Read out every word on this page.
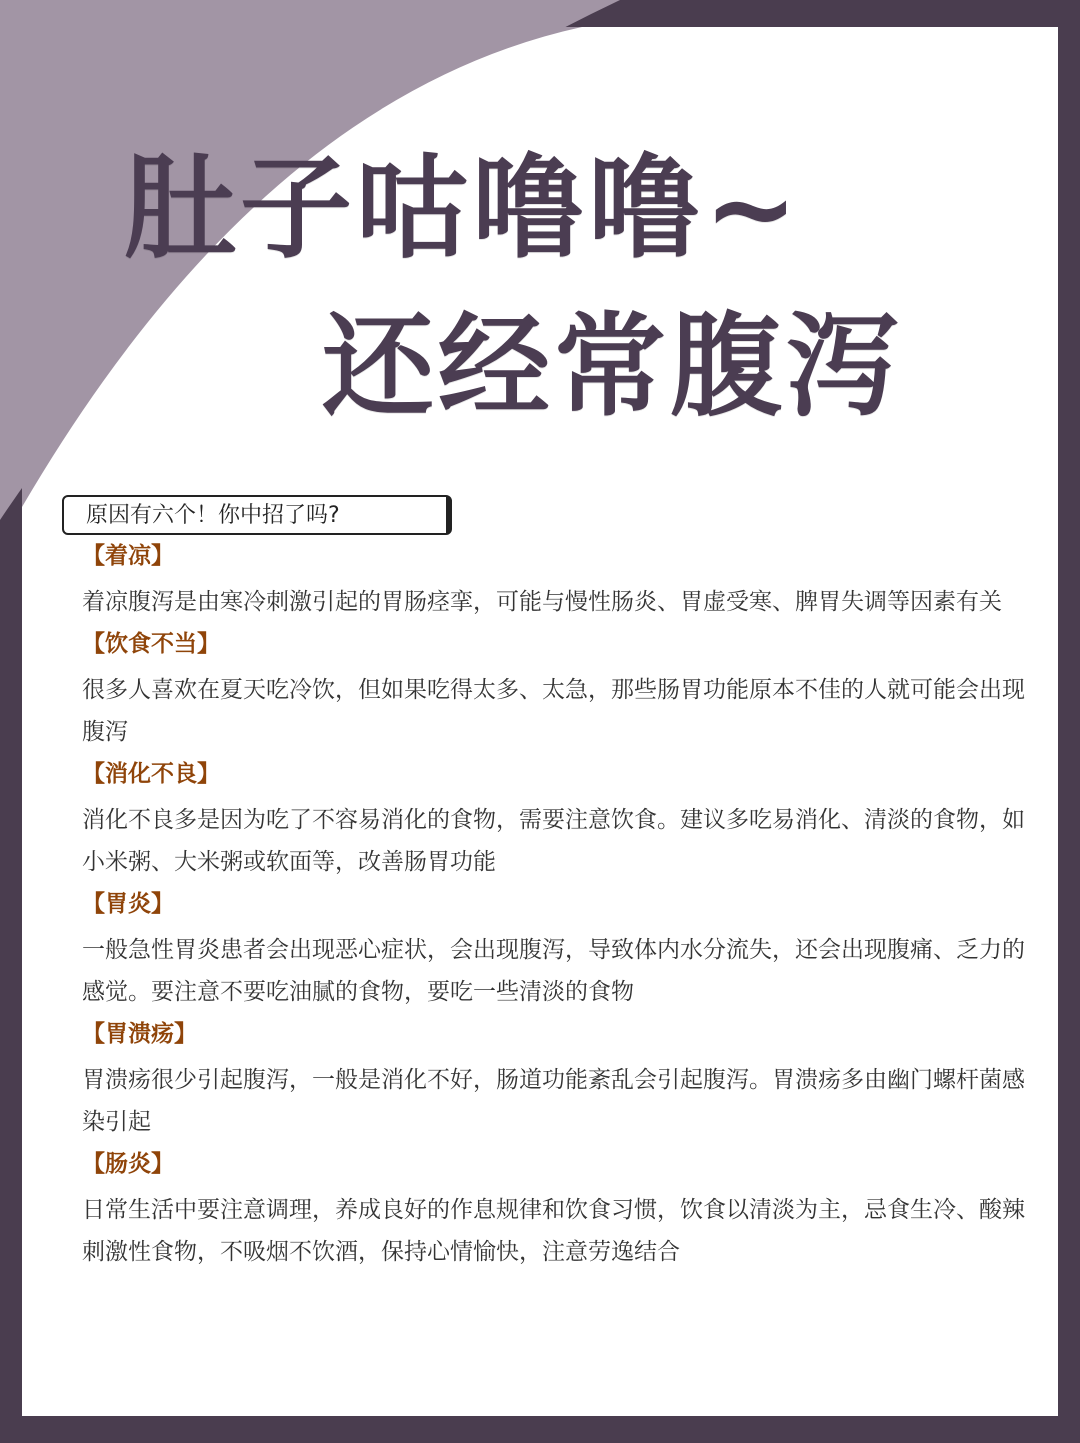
肚子咕噜噜~
还经常腹泻
原因有六个！你中招了吗?
【着凉】

着凉腹泻是由寒冷刺激引起的胃肠痉挛，可能与慢性肠炎、胃虚受寒、脾胃失调等因素有关

【饮食不当】

很多人喜欢在夏天吃冷饮，但如果吃得太多、太急，那些肠胃功能原本不佳的人就可能会出现腹泻

【消化不良】

消化不良多是因为吃了不容易消化的食物，需要注意饮食。建议多吃易消化、清淡的食物，如小米粥、大米粥或软面等，改善肠胃功能

【胃炎】

一般急性胃炎患者会出现恶心症状，会出现腹泻，导致体内水分流失，还会出现腹痛、乏力的感觉。要注意不要吃油腻的食物，要吃一些清淡的食物

【胃溃疡】

胃溃疡很少引起腹泻，一般是消化不好，肠道功能紊乱会引起腹泻。胃溃疡多由幽门螺杆菌感染引起

【肠炎】

日常生活中要注意调理，养成良好的作息规律和饮食习惯，饮食以清淡为主，忌食生冷、酸辣刺激性食物，不吸烟不饮酒，保持心情愉快，注意劳逸结合
